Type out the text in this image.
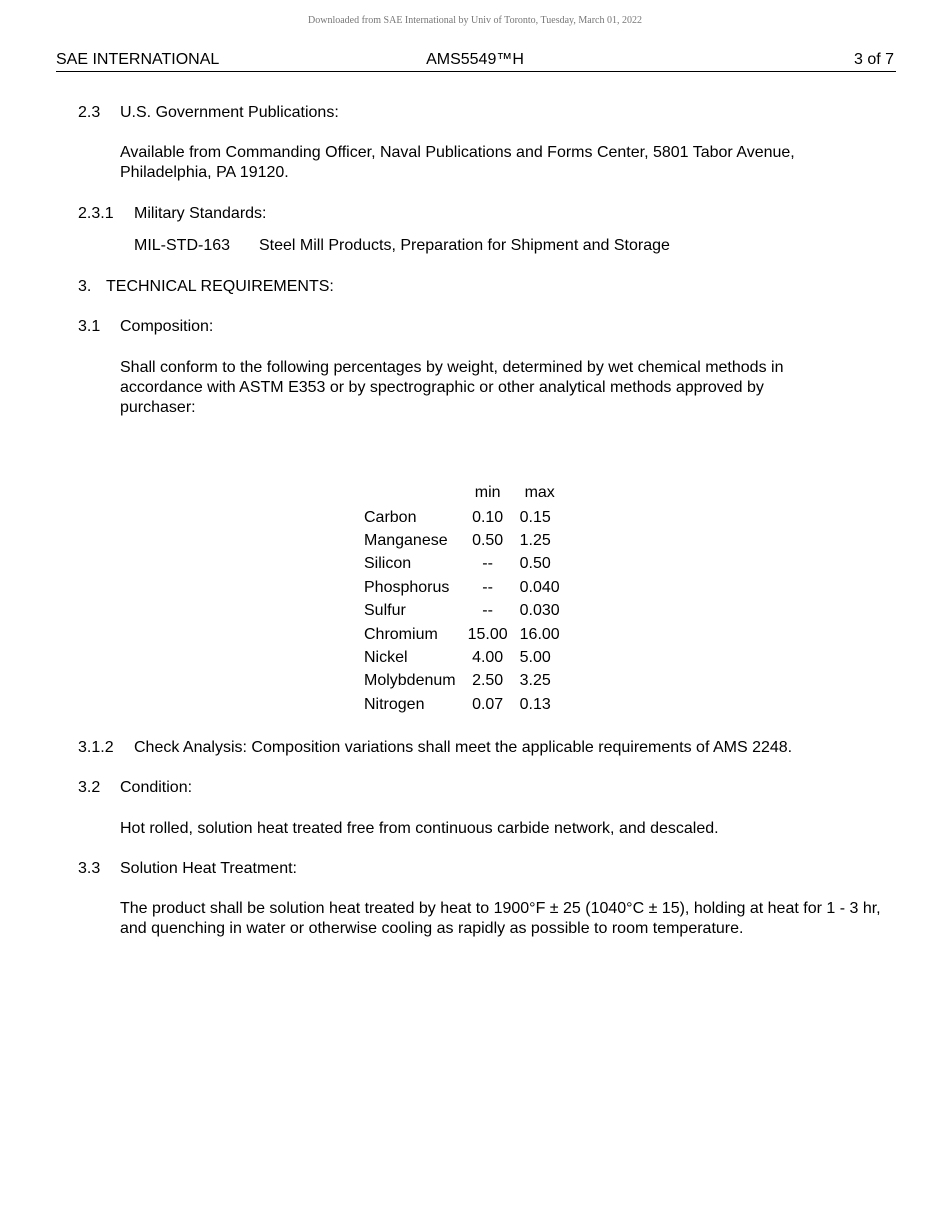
Downloaded from SAE International by Univ of Toronto, Tuesday, March 01, 2022
SAE INTERNATIONAL	AMS5549™H	3 of 7
2.3 U.S. Government Publications:
Available from Commanding Officer, Naval Publications and Forms Center, 5801 Tabor Avenue, Philadelphia, PA 19120.
2.3.1 Military Standards:
MIL-STD-163 Steel Mill Products, Preparation for Shipment and Storage
3. TECHNICAL REQUIREMENTS:
3.1 Composition:
Shall conform to the following percentages by weight, determined by wet chemical methods in accordance with ASTM E353 or by spectrographic or other analytical methods approved by purchaser:
	min	max
Carbon	0.10	0.15
Manganese	0.50	1.25
Silicon	--	0.50
Phosphorus	--	0.040
Sulfur	--	0.030
Chromium	15.00	16.00
Nickel	4.00	5.00
Molybdenum	2.50	3.25
Nitrogen	0.07	0.13
3.1.2 Check Analysis: Composition variations shall meet the applicable requirements of AMS 2248.
3.2 Condition:
Hot rolled, solution heat treated free from continuous carbide network, and descaled.
3.3 Solution Heat Treatment:
The product shall be solution heat treated by heat to 1900°F ± 25 (1040°C ± 15), holding at heat for 1 - 3 hr, and quenching in water or otherwise cooling as rapidly as possible to room temperature.
